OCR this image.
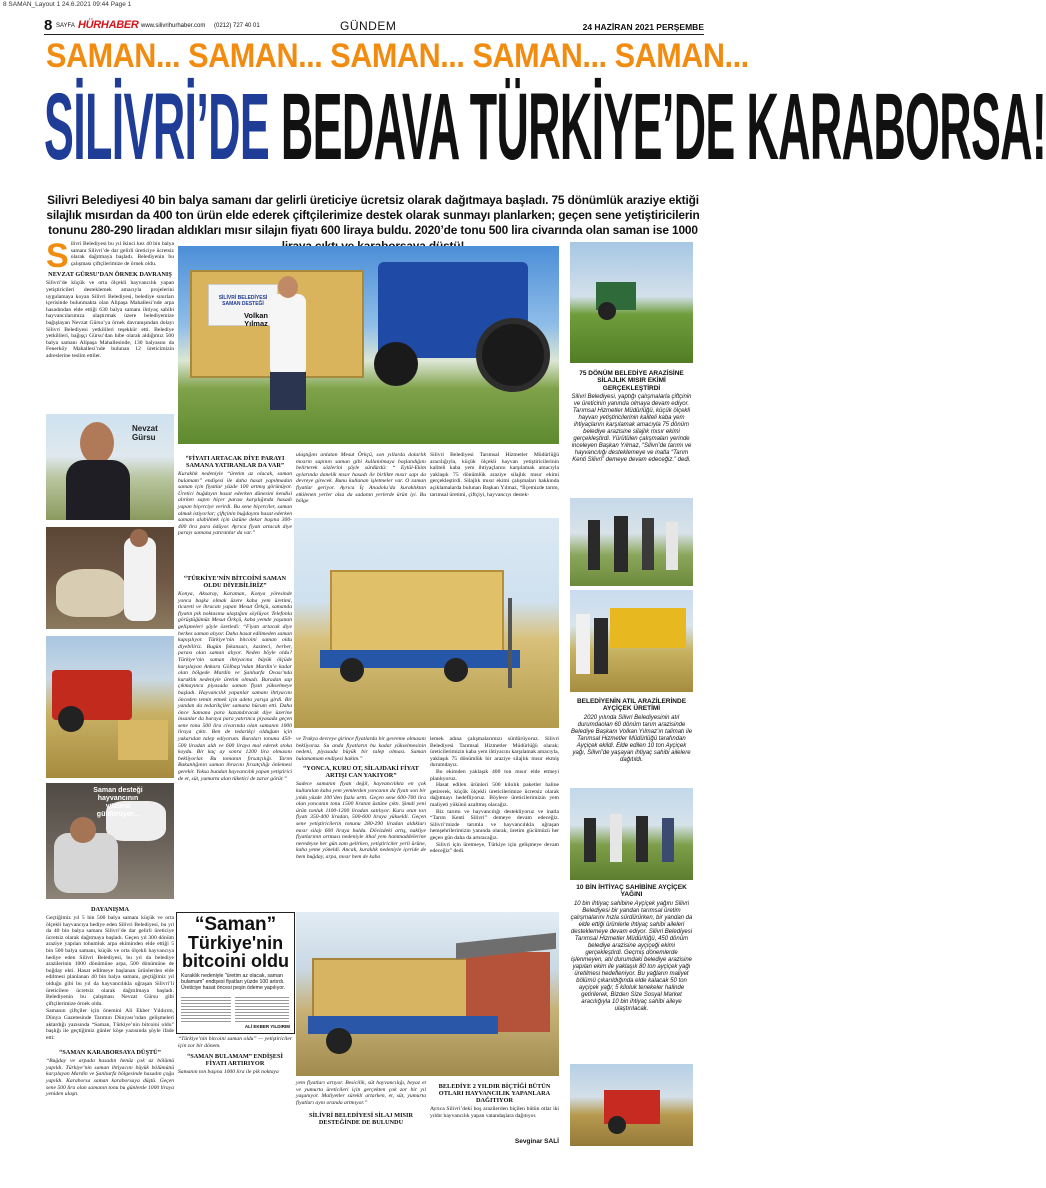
8 SAMAN_Layout 1 24.6.2021 09:44 Page 1
8 SAYFA HÜRHABER www.silivrihurhaber.com (0212) 727 40 01	GÜNDEM	24 HAZİRAN 2021 PERŞEMBE
SAMAN... SAMAN... SAMAN... SAMAN... SAMAN...
SİLİVRİ’DE BEDAVA TÜRKİYE’DE KARABORSA!
Silivri Belediyesi 40 bin balya samanı dar gelirli üreticiye ücretsiz olarak dağıtmaya başladı. 75 dönümlük araziye ektiği silajlık mısırdan da 400 ton ürün elde ederek çiftçilerimize destek olarak sunmayı planlarken; geçen sene yetiştiricilerin tonunu 280-290 liradan aldıkları mısır silajın fiyatı 600 liraya buldu. 2020’de tonu 500 lira civarında olan saman ise 1000
S ilivri Belediyesi bu yıl ikinci kez 40 bin balya samanı Silivri’de dar gelirli üreticiye ücretsiz olarak dağıtmaya başladı. Belediyenin bu çalışması çiftçilerimize de örnek oldu.
NEVZAT GÜRSU’DAN ÖRNEK DAVRANIŞ
Silivri’de küçük ve orta ölçekli hayvancılık yapan yetiştiricileri desteklemek amacıyla projelerini uygulamaya koyan Silivri Belediyesi, belediye sınırları içerisinde bulunmakta olan Alipaşa Mahallesi’nde arpa hasadından elde ettiği 630 balya samanı ihtiyaç sahibi hayvancılarımıza ulaştırmak üzere belediyemize bağışlayan Nevzat Gürsu’ya örnek davranışından dolayı Silivri Belediyesi yetkilileri teşekkür etti. Belediye yetkilileri, bağışçı Gürsu’dan hibe olarak aldığımız 500 balya samanı Alipaşa Mahallesinde, 130 balyasını da Fenerköy Mahallesi’nde bulunan 12 üreticimizin adreslerine teslim ettiler.
Nevzat Gürsu
Saman desteği hayvancının yüzünü güldürüyor...
DAYANIŞMA
Geçtiğimiz yıl 5 bin 500 balya samanı küçük ve orta ölçekli hayvancıya hediye eden Silivri Belediyesi, bu yıl da 40 bin balya samanı Silivri’de dar gelirli üreticiye ücretsiz olarak dağıtmaya başladı. Geçen yıl 300 dönüm araziye yapılan tohumluk arpa ekiminden elde ettiği 5 bin 500 balya samanı, küçük ve orta ölçekli hayvancıya hediye eden Silivri Belediyesi, bu yıl da belediye arazilerinin 1000 dönümüne arpa, 500 dönümüne de buğday ekti. Hasat edilmeye başlanan ürünlerden elde edilmesi planlanan 40 bin balya samanı, geçtiğimiz yıl olduğu gibi bu yıl da hayvancılıkla uğraşan Silivri’li üreticilere ücretsiz olarak dağıtılmaya başladı. Belediyenin bu çalışması Nevzat Gürsu gibi çiftçilerimize örnek oldu.
Samanın çiftçiler için önemini Ali Ekber Yıldırım, Dünya Gazetesinde Tarımın Dünyası’ndan gelişmeleri aktardığı yazısında “Saman, Türkiye’nin bitcoini oldu” başlığı ile geçtiğimiz günler köşe yazısında şöyle ifade etti:
“SAMAN KARABORSAYA DÜŞTÜ”
“Buğday ve arpada hasadın henüz çok az bölümü yapıldı. Türkiye’nin saman ihtiyacını büyük bölümünü karşılayan Mardin ve Şanlıurfa bölgesinde hasadın çoğu yapıldı. Karaborsa saman karaborsaya düştü. Geçen sene 500 lira olan samanın tonu bu günlerde 1000 liraya yeniden ulaştı.
SİLİVRİ BELEDİYESİ SAMAN DESTEĞİ
Volkan Yılmaz
“FİYATI ARTACAK DİYE PARAYI SAMANA YATIRANLAR DA VAR”
Kuraklık nedeniyle “üretim az olacak, saman bulamam” endişesi ile daha hasat yapılmadan saman için fiyatlar yüzde 100 artmış görünüyor. Üretici buğdayın hasat ederken dünesini kendisi alırken sapın hiçer parası karşılığında hasadı yapan biçerciye verirdi. Bu sene biçerciler, saman almak istiyorlar; çiftçinin buğdayını hasat ederken samanı alabilmek için üstüne dekar başına 300-400 lira para ödüyor. Ayrıca fiyatı artacak diye parayı samana yatıranlar da var.”
“TÜRKİYE’NİN BİTCOİNİ SAMAN OLDU DİYEBİLİRİZ”
Konya, Aksaray, Karaman, Konya yöresinde yonca başka olmak üzere kaba yem üretimi, ticareti ve ihracatı yapan Mesut Örkçü, samanda fiyatın pik noktasına ulaştığını söylüyor. Telefonla görüştüğümüz Mesut Örkçü, kaba yemde yaşanan gelişmeleri şöyle özetledi: “Fiyatı artacak diye herkes saman alıyor. Daha hasat edilmeden saman kapışılıyor. Türkiye’nin bitcoini saman oldu diyebiliriz. Bugün fokansacı, kasiteci, berber, parası olan saman alıyor. Neden böyle oldu? Türkiye’nin saman ihtiyacına büyük ölçüde karşılayan Ankara Gölbaşı’ndan Mardin’e kadar olan bölgede Mardin ve Şanlıurfa Ovası’nda kuraklık nedeniyle üretim olmadı. Buradan sap çıkmayınca piyasada saman fiyatı yükselmeye başladı. Hayvancılık yapanlar samanı ihtiyacını önceden temin etmek için adeta yarışa girdi. Bir yandan da tedarikçiler samana hücum etti. Daha önce Samana para kazandıracak diye üzerine insanlar da buraya para yatırınca piyasada geçen sene tonu 500 lira civarında olan samanın 1000 liraya çıktı. Ben de tedarikçi olduğum için yukarıdan talep ediyorum. Buraları tonuna 450-500 liradan aldı ve 600 liraya mal ederek stoka koydu. Bir kaç ay sonra 1200 lira olmasını bekliyorlar. Bu tomanın fırsatçılığı. Tarım Bakanlığının saman ihracını fırsatçılığı önlemesi gerekir. Yoksa bundan hayvancılık yapan yetiştirici de et, süt, yumurta alan tüketici de zarar görür.”
“Saman”
Türkiye'nin
bitcoini oldu
Kuraklık nedeniyle "üretim az olacak, saman bulamam" endişesi fiyatları yüzde 100 artırdı. Üreticiye hasat öncesi peşin ödeme yapılıyor.
ALİ EKBER YILDIRIM
“Türkiye’nin bitcoini saman oldu” — yetiştiriciler için zor bir dönem.
“SAMAN BULAMAM” ENDİŞESİ FİYATI ARTIRIYOR
Samanın ton başına 1000 lira ile pik noktaya
ulaştığını anlatan Mesut Örkçü, son yıllarda dolarlık mısırın sapının saman gibi kullanılmaya başlandığını belirterek sözlerini şöyle sürdürdü: “ Eylül-Ekim aylarında danelik mısır hasadı ile birlikte mısır sapı da devreye girecek. Bunu kullanan işletmeler var. O zaman fiyatlar geriyor. Ayrıca İç Anadolu’da kuraklıktan etkilenen yerler olsa da sadanın yerlerde ürün iyi. Bu bölge
ve Trakya devreye girince fiyatlarda bir gevreme olmasını bekliyoruz. Su anda fiyatların bu kadar yükselmesinin nedeni, piyasada büyük bir talep olması. Saman bulamamam endişesi hakim.”
“YONCA, KURU OT, SİLAJDAKİ FİYAT ARTIŞI CAN YAKIYOR”
Sadece samanın fiyatı değil, hayvancılıkta en çok kullanılan kaba yem yemlerden yoncanın da fiyatı son bir yılda yüzde 100’den fazla arttı. Geçen sene 600-700 lira olan yoncanın tonu 1500 liranın üstüne çıktı. Şimdi yeni ürün tonluk 1100-1200 liradan satılıyor. Kuru otun ton fiyatı 350-400 liradan, 500-600 liraya yükseldi. Geçen sene yetiştiricilerin tonunu 280-290 liradan aldıkları mısır silajı 600 liraya buldu. Dövizdeki artış, nakliye fiyatlarının artması nedeniyle ithal yem hammaddelerine neredeyse her gün zam gelirken, yetiştiriciler yerli ürüne, kaba yeme yöneldi. Ancak, kuraklık nedeniyle içeride de hem buğday, arpa, mısır hem de kaba
yem fiyatları artıyor. Besicilik, süt hayvancılığı, beyaz et ve yumurta üreticileri için gerçekten çok zor bir yıl yaşanıyor. Maliyetler sürekli artarken, et, süt, yumurta fiyatları aynı oranda artmıyor.”
SİLİVRİ BELEDİYESİ SİLAJ MISIR DESTEĞİNDE DE BULUNDU
Silivri Belediyesi Tarımsal Hizmetler Müdürlüğü aracılığıyla, küçük ölçekli hayvan yetiştiricilerinin kaliteli kaba yem ihtiyaçlarını karşılamak amacıyla yaklaşık 75 dönümlük araziye silajlık mısır ekimi gerçekleştirdi. Silajlık mısır ekimi çalışmaları hakkında açıklamalarda bulunan Başkan Yılmaz, “İlçemizde tarım, tarımsal üretimi, çiftçiyi, hayvancıyı destek-
lemek adına çalışmalarımızı sürdürüyoruz. Silivri Belediyesi Tarımsal Hizmetler Müdürlüğü olarak; üreticilerimizin kaba yem ihtiyacını karşılamak amacıyla, yaklaşık 75 dönümlük bir araziye silajlık mısır ekmiş durumdayız.
Bu ekimden yaklaşık 400 ton mısır elde etmeyi planlıyoruz.
Hasat edilen ürünleri 500 kilolık paketler haline getirerek, küçük ölçekli üreticilerimize ücretsiz olarak dağıtmayı hedefliyoruz. Böylece üreticilerimizin yem maliyeti yükünü azaltmış olacağız.
Biz tarımı ve hayvancılığı destekliyoruz ve inatla “Tarım Kenti Silivri” demeye devam edeceğiz. Silivri’mizde tarımla ve hayvancılıkla uğraşan hemşehrilerimizin yanında olarak, üretim gücümüzü her geçen gün daha da artıracağız.
Silivri için üretmeye, Türkiye için gelişmeye devam edeceğiz” dedi.
BELEDİYE 2 YILDIR BİÇTİĞİ BÜTÜN OTLARI HAYVANCILIK YAPANLARA DAĞITIYOR
Ayrıca Silivri’deki boş arazilerden biçilen bütün otlar iki yıldır hayvancılık yapan vatandaşlara dağıtıyor.
Sevginar SALİ
75 DÖNÜM BELEDİYE ARAZİSİNE SİLAJLIK MISIR EKİMİ GERÇEKLEŞTİRDİ
Silivri Belediyesi, yaptığı çalışmalarla çiftçinin ve üreticinin yanında olmaya devam ediyor. Tarımsal Hizmetler Müdürlüğü, küçük ölçekli hayvan yetiştiricilerinin kaliteli kaba yem ihtiyaçlarını karşılamak amacıyla 75 dönüm belediye arazisine silajlık mısır ekimi gerçekleştirdi. Yürütülen çalışmaları yerinde inceleyen Başkan Yılmaz, “Silivri’de tarımı ve hayvancılığı desteklemeye ve inatla “Tarım Kenti Silivri” demeye devam edeceğiz.” dedi.
BELEDİYENİN ATIL ARAZİLERİNDE AYÇİÇEK ÜRETİMİ
2020 yılında Silivri Belediyesinin atıl durumdaolan 60 dönüm tarım arazisinde Belediye Başkanı Volkan Yılmaz’ın talimatı ile Tarımsal Hizmetler Müdürlüğü tarafından Ayçiçek ekildi. Elde edilen 10 ton Ayçiçek yağı, Silivri’de yaşayan ihtiyaç sahibi ailelere dağıtıldı.
10 BİN İHTİYAÇ SAHİBİNE AYÇİÇEK YAĞINI
10 bin ihtiyaç sahibine Ayçiçek yağını Silivri Belediyesi bir yandan tarımsal üretim çalışmalarını hızla sürdürürken, bir yandan da elde ettiği ürünlerle ihtiyaç sahibi aileleri desteklemeye devam ediyor. Silivri Belediyesi Tarımsal Hizmetler Müdürlüğü, 450 dönüm belediye arazisine ayçiçeği ekimi gerçekleştirdi. Geçmiş dönemlerde işlenmeyen, atıl durumdaki belediye arazisine yapılan ekim ile yaklaşık 80 ton ayçiçek yağı üretilmesi hedefleniyor. Bu yağların maliyet bölümü çıkarıldığında elde kalacak 50 ton ayçiçek yağı; 5 kiloluk tenekeler halinde getirilerek, Bizden Size Sosyal Market aracılığıyla 10 bin ihtiyaç sahibi aileye ulaştırılacak.
